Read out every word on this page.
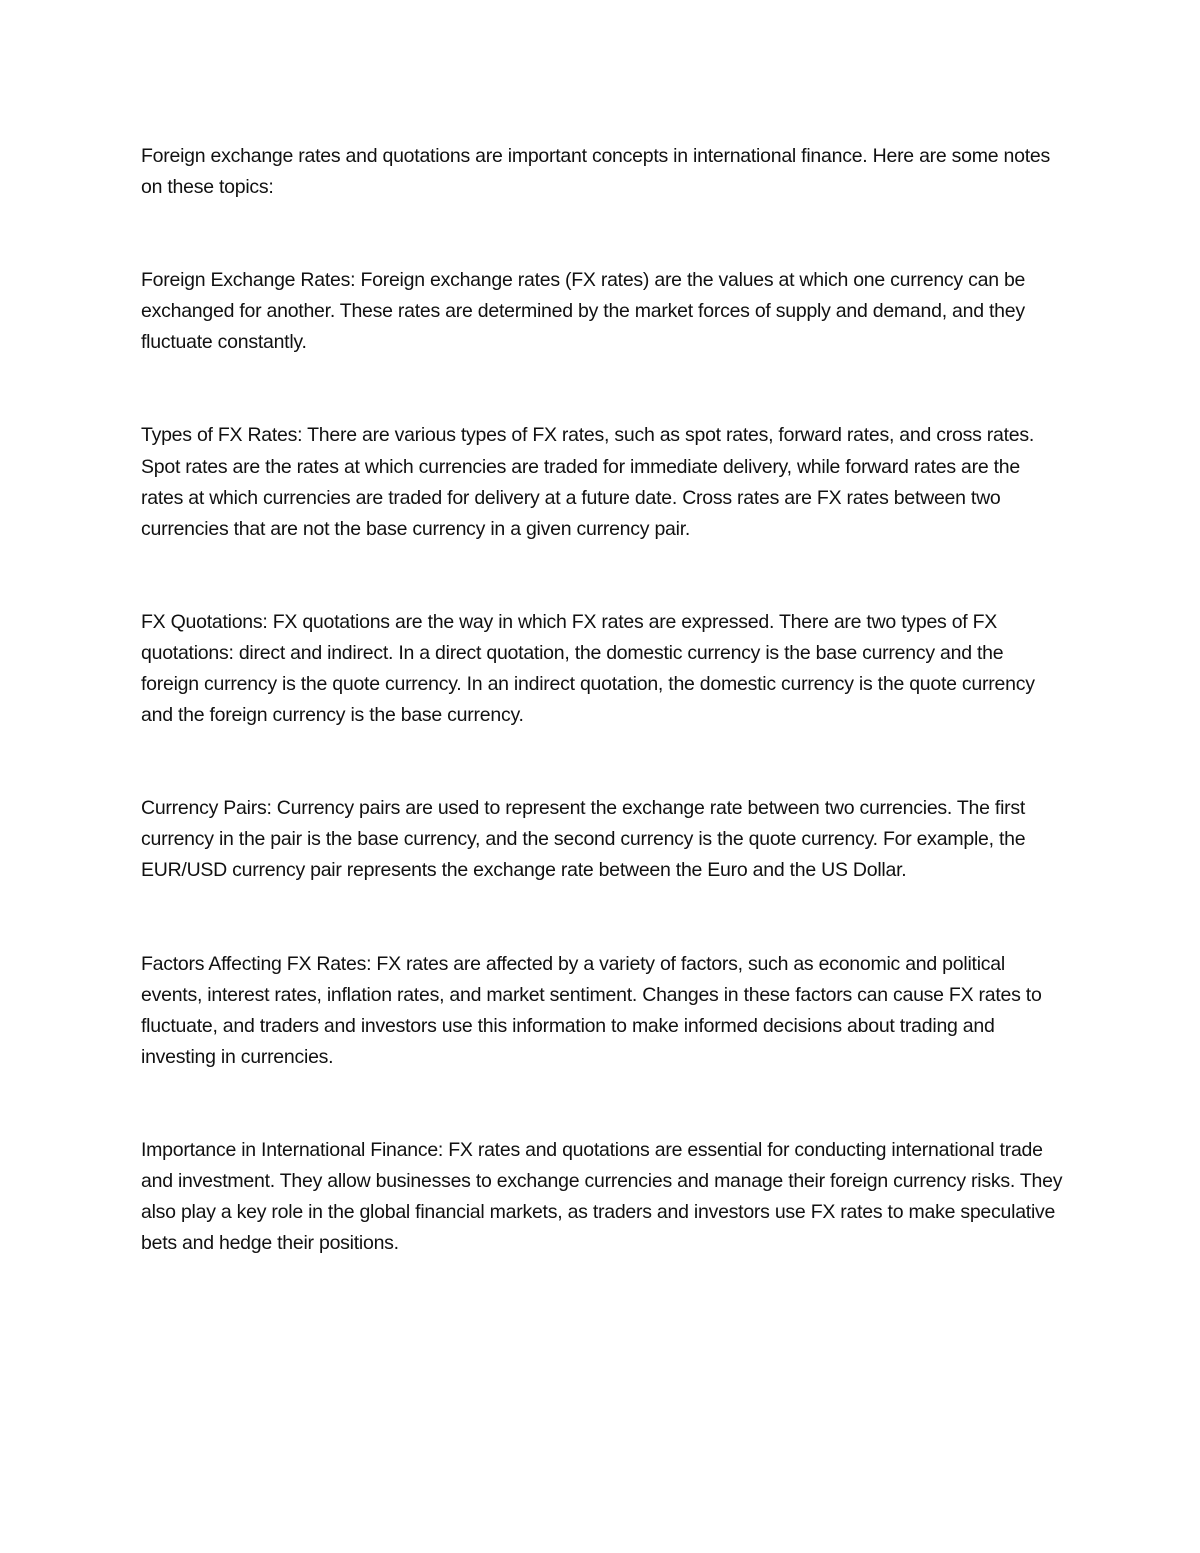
Foreign exchange rates and quotations are important concepts in international finance. Here are some notes on these topics:

Foreign Exchange Rates: Foreign exchange rates (FX rates) are the values at which one currency can be exchanged for another. These rates are determined by the market forces of supply and demand, and they fluctuate constantly.

Types of FX Rates: There are various types of FX rates, such as spot rates, forward rates, and cross rates. Spot rates are the rates at which currencies are traded for immediate delivery, while forward rates are the rates at which currencies are traded for delivery at a future date. Cross rates are FX rates between two currencies that are not the base currency in a given currency pair.

FX Quotations: FX quotations are the way in which FX rates are expressed. There are two types of FX quotations: direct and indirect. In a direct quotation, the domestic currency is the base currency and the foreign currency is the quote currency. In an indirect quotation, the domestic currency is the quote currency and the foreign currency is the base currency.

Currency Pairs: Currency pairs are used to represent the exchange rate between two currencies. The first currency in the pair is the base currency, and the second currency is the quote currency. For example, the EUR/USD currency pair represents the exchange rate between the Euro and the US Dollar.

Factors Affecting FX Rates: FX rates are affected by a variety of factors, such as economic and political events, interest rates, inflation rates, and market sentiment. Changes in these factors can cause FX rates to fluctuate, and traders and investors use this information to make informed decisions about trading and investing in currencies.

Importance in International Finance: FX rates and quotations are essential for conducting international trade and investment. They allow businesses to exchange currencies and manage their foreign currency risks. They also play a key role in the global financial markets, as traders and investors use FX rates to make speculative bets and hedge their positions.
